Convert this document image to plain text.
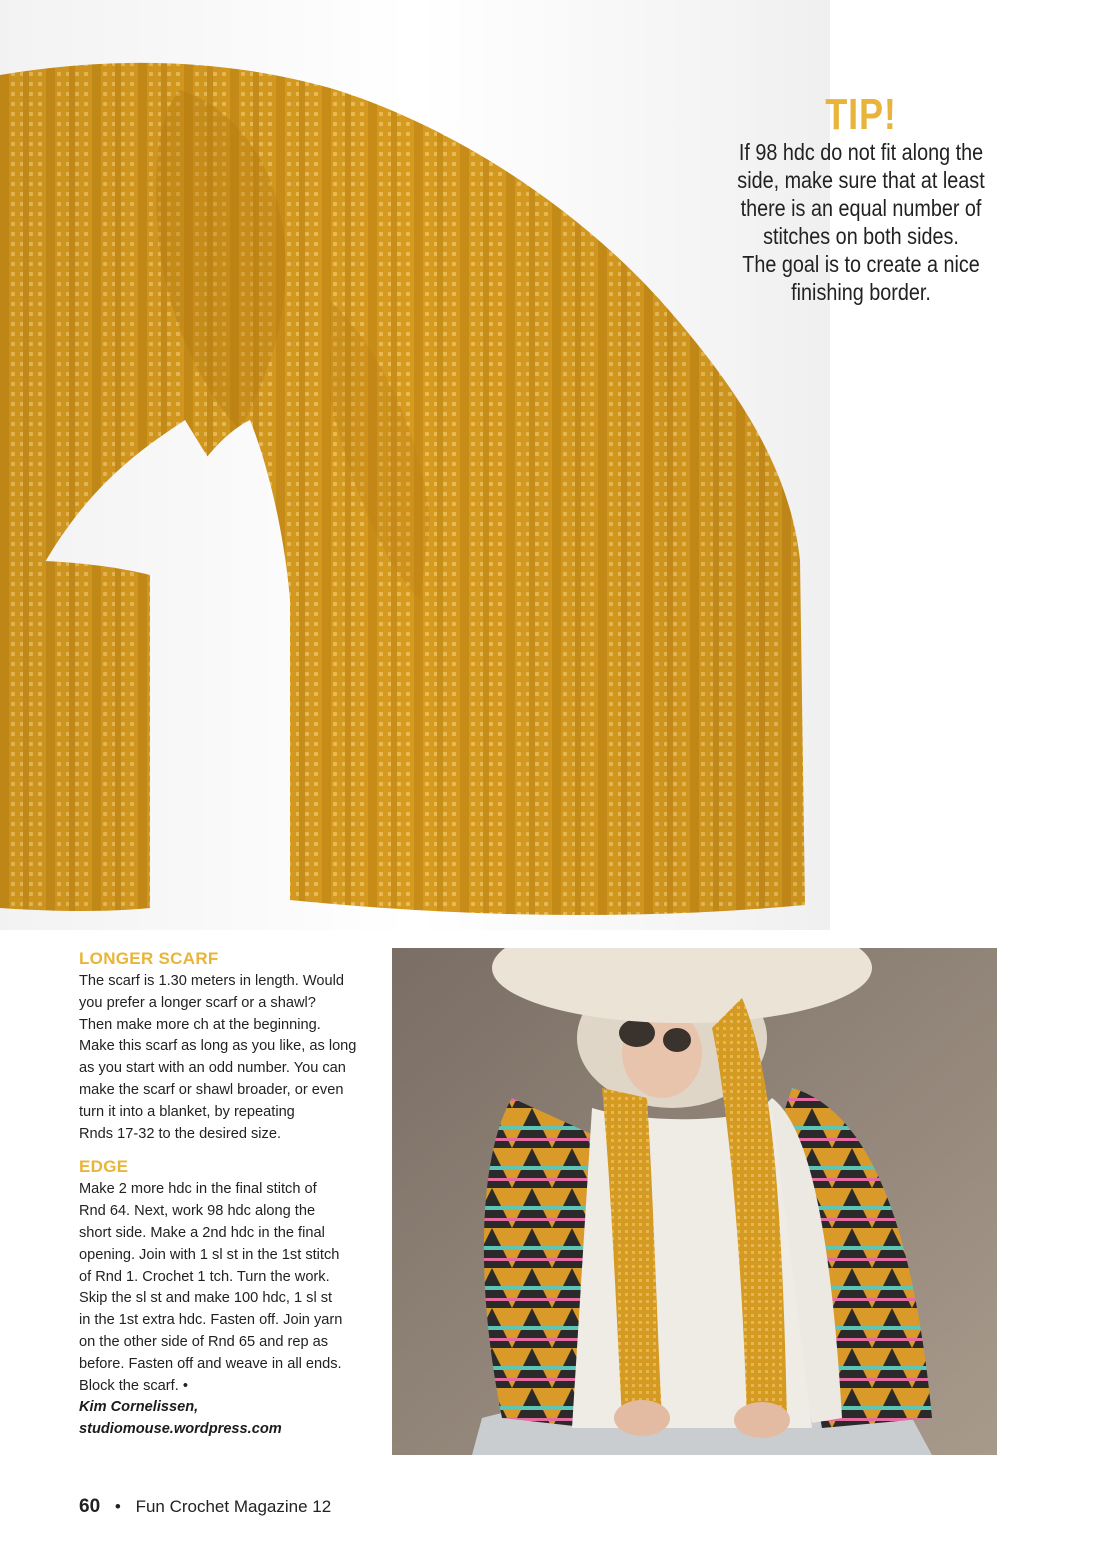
TIP!
If 98 hdc do not fit along the
side, make sure that at least
there is an equal number of
stitches on both sides.
The goal is to create a nice
finishing border.
LONGER SCARF
The scarf is 1.30 meters in length. Would
you prefer a longer scarf or a shawl?
Then make more ch at the beginning.
Make this scarf as long as you like, as long
as you start with an odd number. You can
make the scarf or shawl broader, or even
turn it into a blanket, by repeating
Rnds 17-32 to the desired size.
EDGE
Make 2 more hdc in the final stitch of
Rnd 64. Next, work 98 hdc along the
short side. Make a 2nd hdc in the final
opening. Join with 1 sl st in the 1st stitch
of Rnd 1. Crochet 1 tch. Turn the work.
Skip the sl st and make 100 hdc, 1 sl st
in the 1st extra hdc. Fasten off. Join yarn
on the other side of Rnd 65 and rep as
before. Fasten off and weave in all ends.
Block the scarf. •

Kim Cornelissen,
studiomouse.wordpress.com

60 • Fun Crochet Magazine 12
